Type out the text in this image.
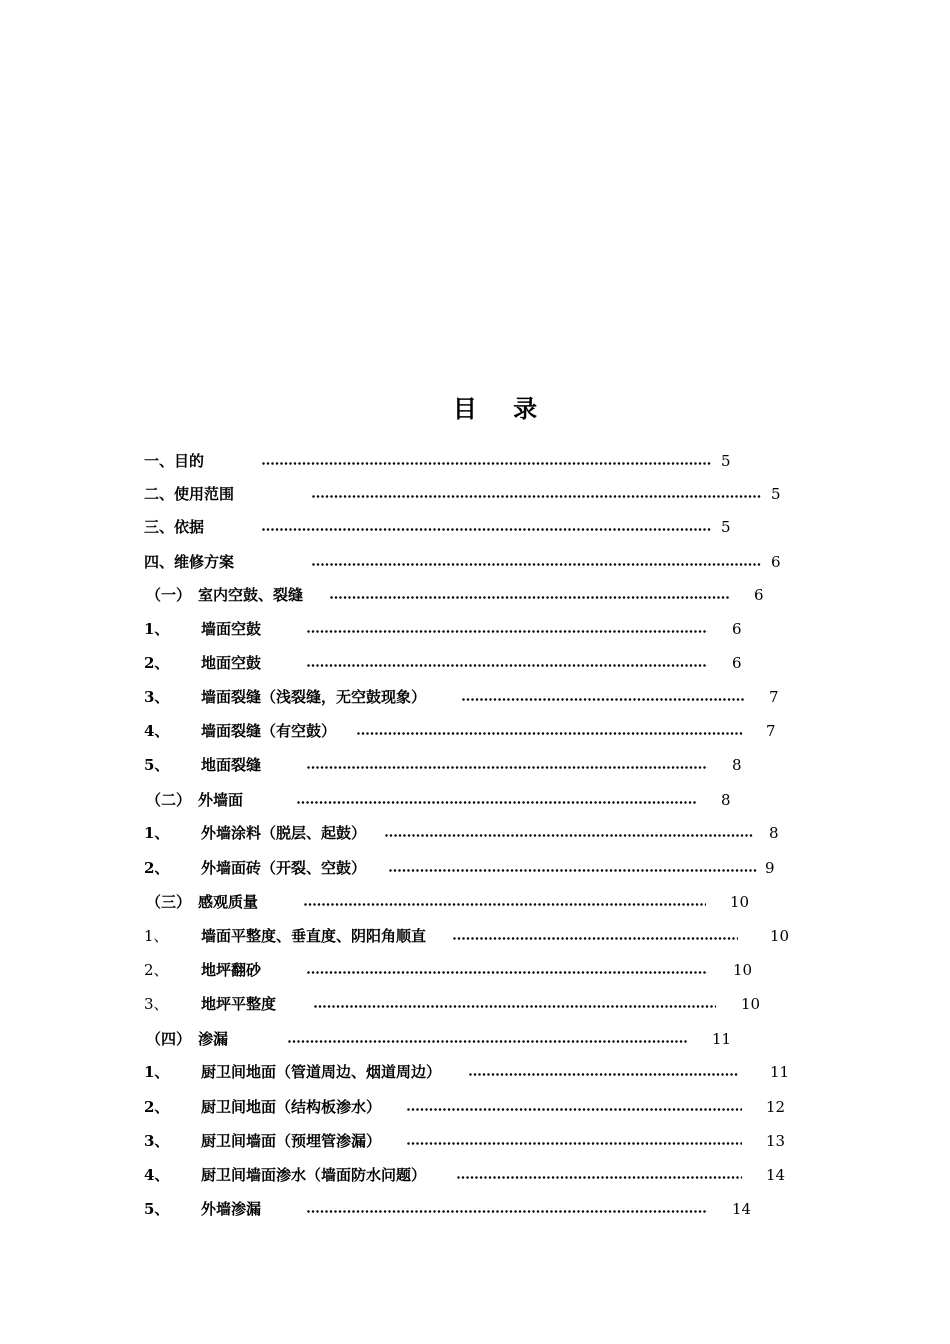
目 录
一、目的	5
二、使用范围	5
三、依据	5
四、维修方案	6
（一） 室内空鼓、裂缝	6
1、 墙面空鼓	6
2、 地面空鼓	6
3、 墙面裂缝（浅裂缝，无空鼓现象）	7
4、 墙面裂缝（有空鼓）	7
5、 地面裂缝	8
（二） 外墙面	8
1、 外墙涂料（脱层、起鼓）	8
2、 外墙面砖（开裂、空鼓）	9
（三） 感观质量	10
1、 墙面平整度、垂直度、阴阳角顺直	10
2、 地坪翻砂	10
3、 地坪平整度	10
（四） 渗漏	11
1、 厨卫间地面（管道周边、烟道周边）	11
2、 厨卫间地面（结构板渗水）	12
3、 厨卫间墙面（预埋管渗漏）	13
4、 厨卫间墙面渗水（墙面防水问题）	14
5、 外墙渗漏	14
